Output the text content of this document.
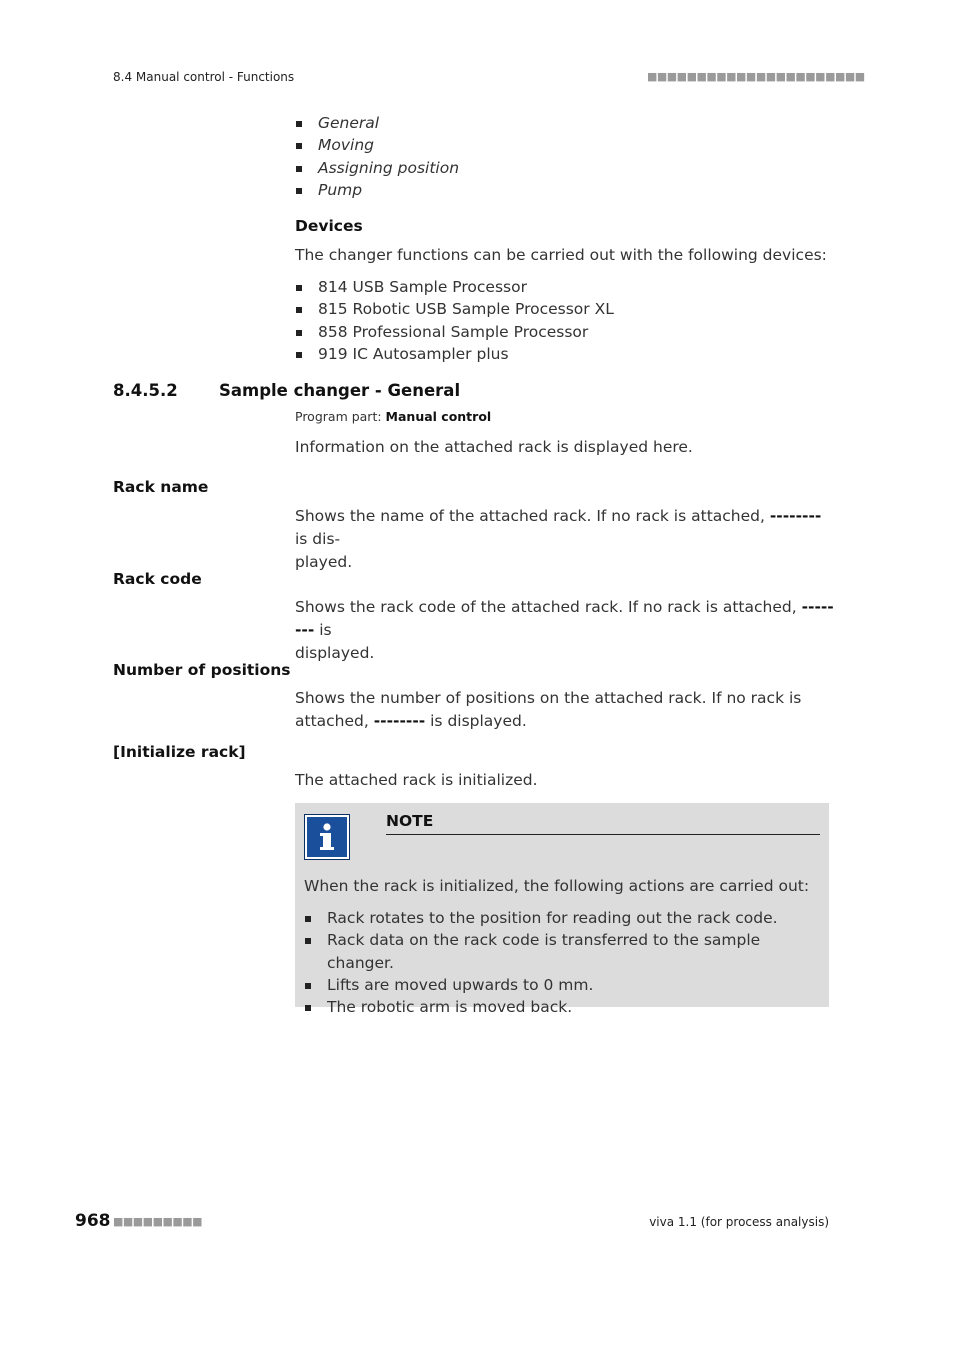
8.4 Manual control - Functions	■■■■■■■■■■■■■■■■■■■■■■
General
Moving
Assigning position
Pump
Devices
The changer functions can be carried out with the following devices:
814 USB Sample Processor
815 Robotic USB Sample Processor XL
858 Professional Sample Processor
919 IC Autosampler plus
8.4.5.2	Sample changer - General
Program part: Manual control
Information on the attached rack is displayed here.
Rack name
Shows the name of the attached rack. If no rack is attached, -------- is dis-
played.
Rack code
Shows the rack code of the attached rack. If no rack is attached, -------- is
displayed.
Number of positions
Shows the number of positions on the attached rack. If no rack is
attached, -------- is displayed.
[Initialize rack]
The attached rack is initialized.
NOTE
When the rack is initialized, the following actions are carried out:
Rack rotates to the position for reading out the rack code.
Rack data on the rack code is transferred to the sample changer.
Lifts are moved upwards to 0 mm.
The robotic arm is moved back.
968 ■■■■■■■■■	viva 1.1 (for process analysis)
